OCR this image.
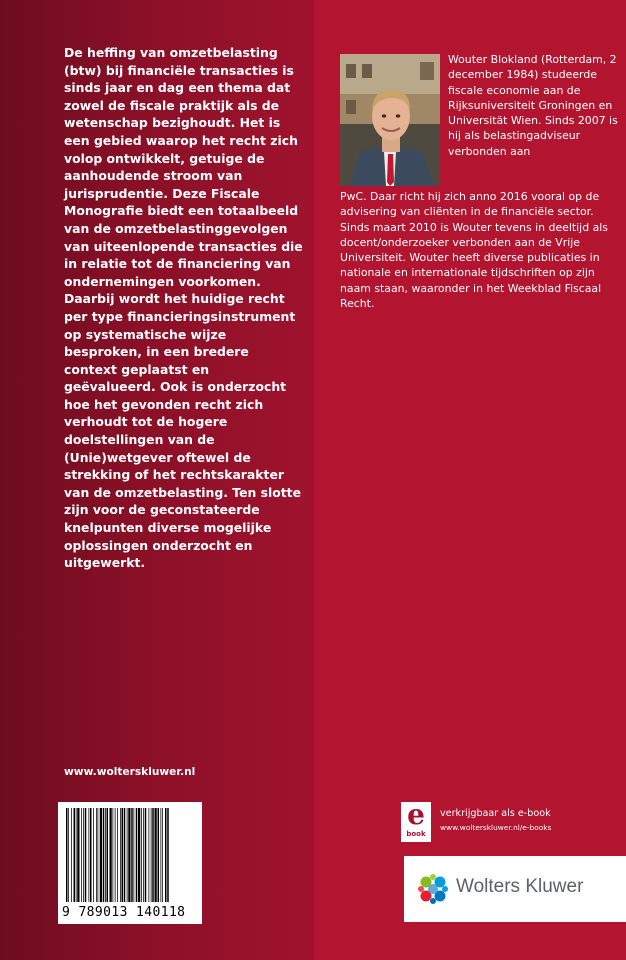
De heffing van omzetbelasting (btw) bij financiële transacties is sinds jaar en dag een thema dat zowel de fiscale praktijk als de wetenschap bezighoudt. Het is een gebied waarop het recht zich volop ontwikkelt, getuige de aanhoudende stroom van jurisprudentie. Deze Fiscale Monografie biedt een totaalbeeld van de omzetbelastinggevolgen van uiteenlopende transacties die in relatie tot de financiering van ondernemingen voorkomen. Daarbij wordt het huidige recht per type financieringsinstrument op systematische wijze besproken, in een bredere context geplaatst en geëvalueerd. Ook is onderzocht hoe het gevonden recht zich verhoudt tot de hogere doelstellingen van de (Unie)wetgever oftewel de strekking of het rechtskarakter van de omzetbelasting. Ten slotte zijn voor de geconstateerde knelpunten diverse mogelijke oplossingen onderzocht en uitgewerkt.

Wouter Blokland (Rotterdam, 2 december 1984) studeerde fiscale economie aan de Rijksuniversiteit Groningen en Universität Wien. Sinds 2007 is hij als belastingadviseur verbonden aan

PwC. Daar richt hij zich anno 2016 vooral op de advisering van cliënten in de financiële sector. Sinds maart 2010 is Wouter tevens in deeltijd als docent/onderzoeker verbonden aan de Vrije Universiteit. Wouter heeft diverse publicaties in nationale en internationale tijdschriften op zijn naam staan, waaronder in het Weekblad Fiscaal Recht.

www.wolterskluwer.nl
9 789013 140118
e
book
verkrijgbaar als e-book
www.wolterskluwer.nl/e-books
Wolters Kluwer
